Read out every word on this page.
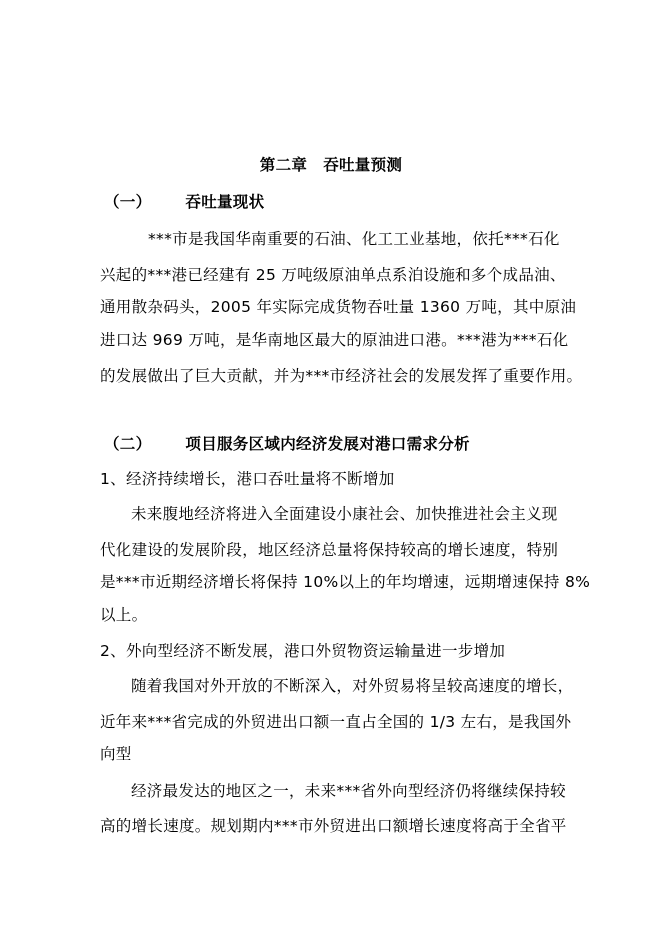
第二章 吞吐量预测
（一） 吞吐量现状
***市是我国华南重要的石油、化工工业基地，依托***石化
兴起的***港已经建有 25 万吨级原油单点系泊设施和多个成品油、
通用散杂码头，2005 年实际完成货物吞吐量 1360 万吨，其中原油
进口达 969 万吨，是华南地区最大的原油进口港。***港为***石化
的发展做出了巨大贡献，并为***市经济社会的发展发挥了重要作用。
（二） 项目服务区域内经济发展对港口需求分析
1、经济持续增长，港口吞吐量将不断增加
未来腹地经济将进入全面建设小康社会、加快推进社会主义现
代化建设的发展阶段，地区经济总量将保持较高的增长速度，特别
是***市近期经济增长将保持 10%以上的年均增速，远期增速保持 8%
以上。
2、外向型经济不断发展，港口外贸物资运输量进一步增加
随着我国对外开放的不断深入，对外贸易将呈较高速度的增长，
近年来***省完成的外贸进出口额一直占全国的 1/3 左右，是我国外
向型
经济最发达的地区之一，未来***省外向型经济仍将继续保持较
高的增长速度。规划期内***市外贸进出口额增长速度将高于全省平
